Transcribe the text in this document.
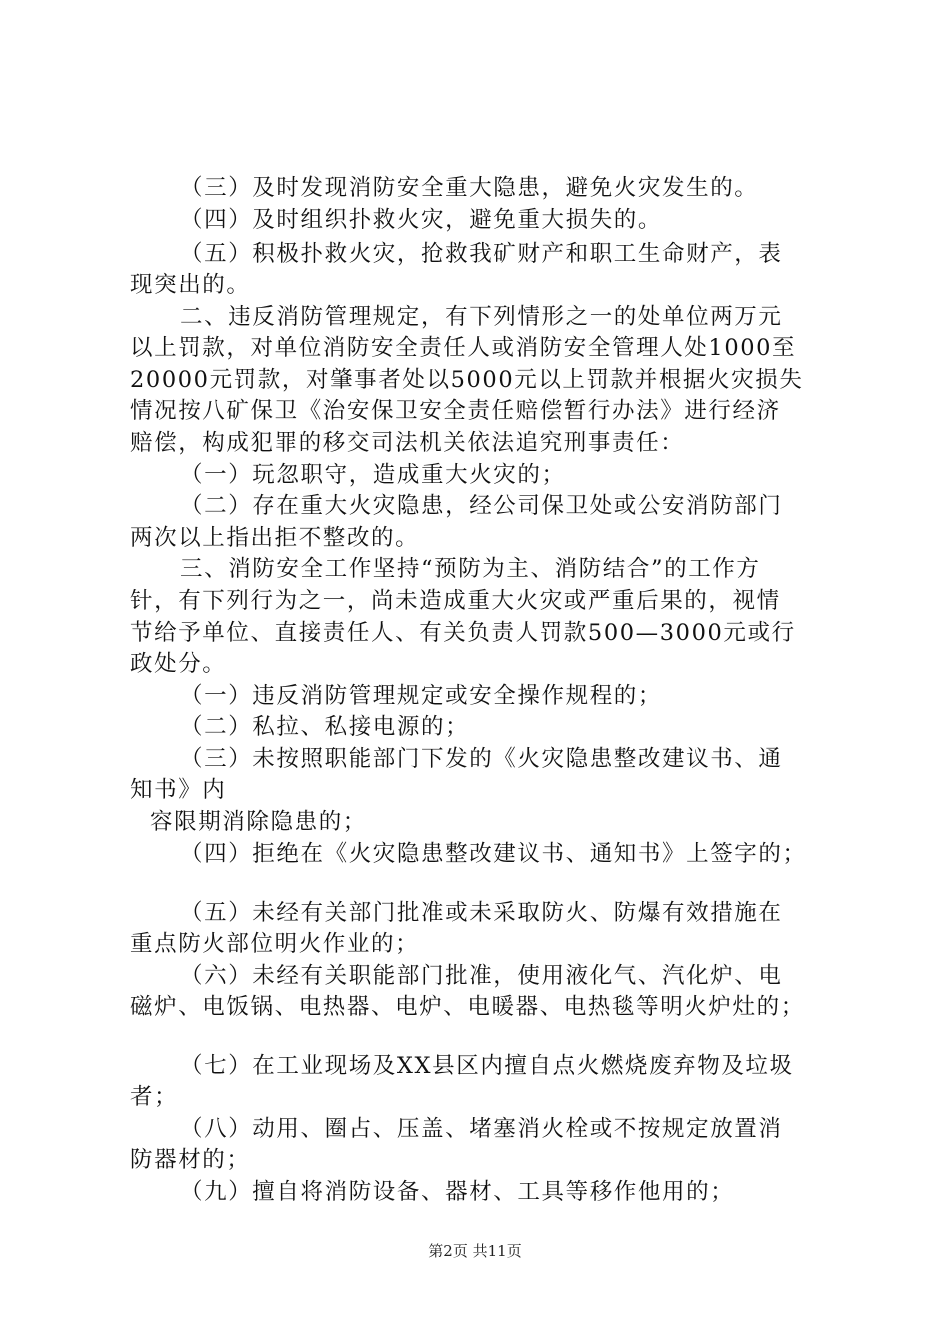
（三）及时发现消防安全重大隐患，避免火灾发生的。
（四）及时组织扑救火灾，避免重大损失的。
（五）积极扑救火灾，抢救我矿财产和职工生命财产，表
现突出的。
二、违反消防管理规定，有下列情形之一的处单位两万元
以上罚款，对单位消防安全责任人或消防安全管理人处1000至
20000元罚款，对肇事者处以5000元以上罚款并根据火灾损失
情况按八矿保卫《治安保卫安全责任赔偿暂行办法》进行经济
赔偿，构成犯罪的移交司法机关依法追究刑事责任：
（一）玩忽职守，造成重大火灾的；
（二）存在重大火灾隐患，经公司保卫处或公安消防部门
两次以上指出拒不整改的。
三、消防安全工作坚持“预防为主、消防结合”的工作方
针，有下列行为之一，尚未造成重大火灾或严重后果的，视情
节给予单位、直接责任人、有关负责人罚款500—3000元或行
政处分。
（一）违反消防管理规定或安全操作规程的；
（二）私拉、私接电源的；
（三）未按照职能部门下发的《火灾隐患整改建议书、通
知书》内
容限期消除隐患的；
（四）拒绝在《火灾隐患整改建议书、通知书》上签字的；
（五）未经有关部门批准或未采取防火、防爆有效措施在
重点防火部位明火作业的；
（六）未经有关职能部门批准，使用液化气、汽化炉、电
磁炉、电饭锅、电热器、电炉、电暖器、电热毯等明火炉灶的；
（七）在工业现场及XX县区内擅自点火燃烧废弃物及垃圾
者；
（八）动用、圈占、压盖、堵塞消火栓或不按规定放置消
防器材的；
（九）擅自将消防设备、器材、工具等移作他用的；
第2页 共11页
